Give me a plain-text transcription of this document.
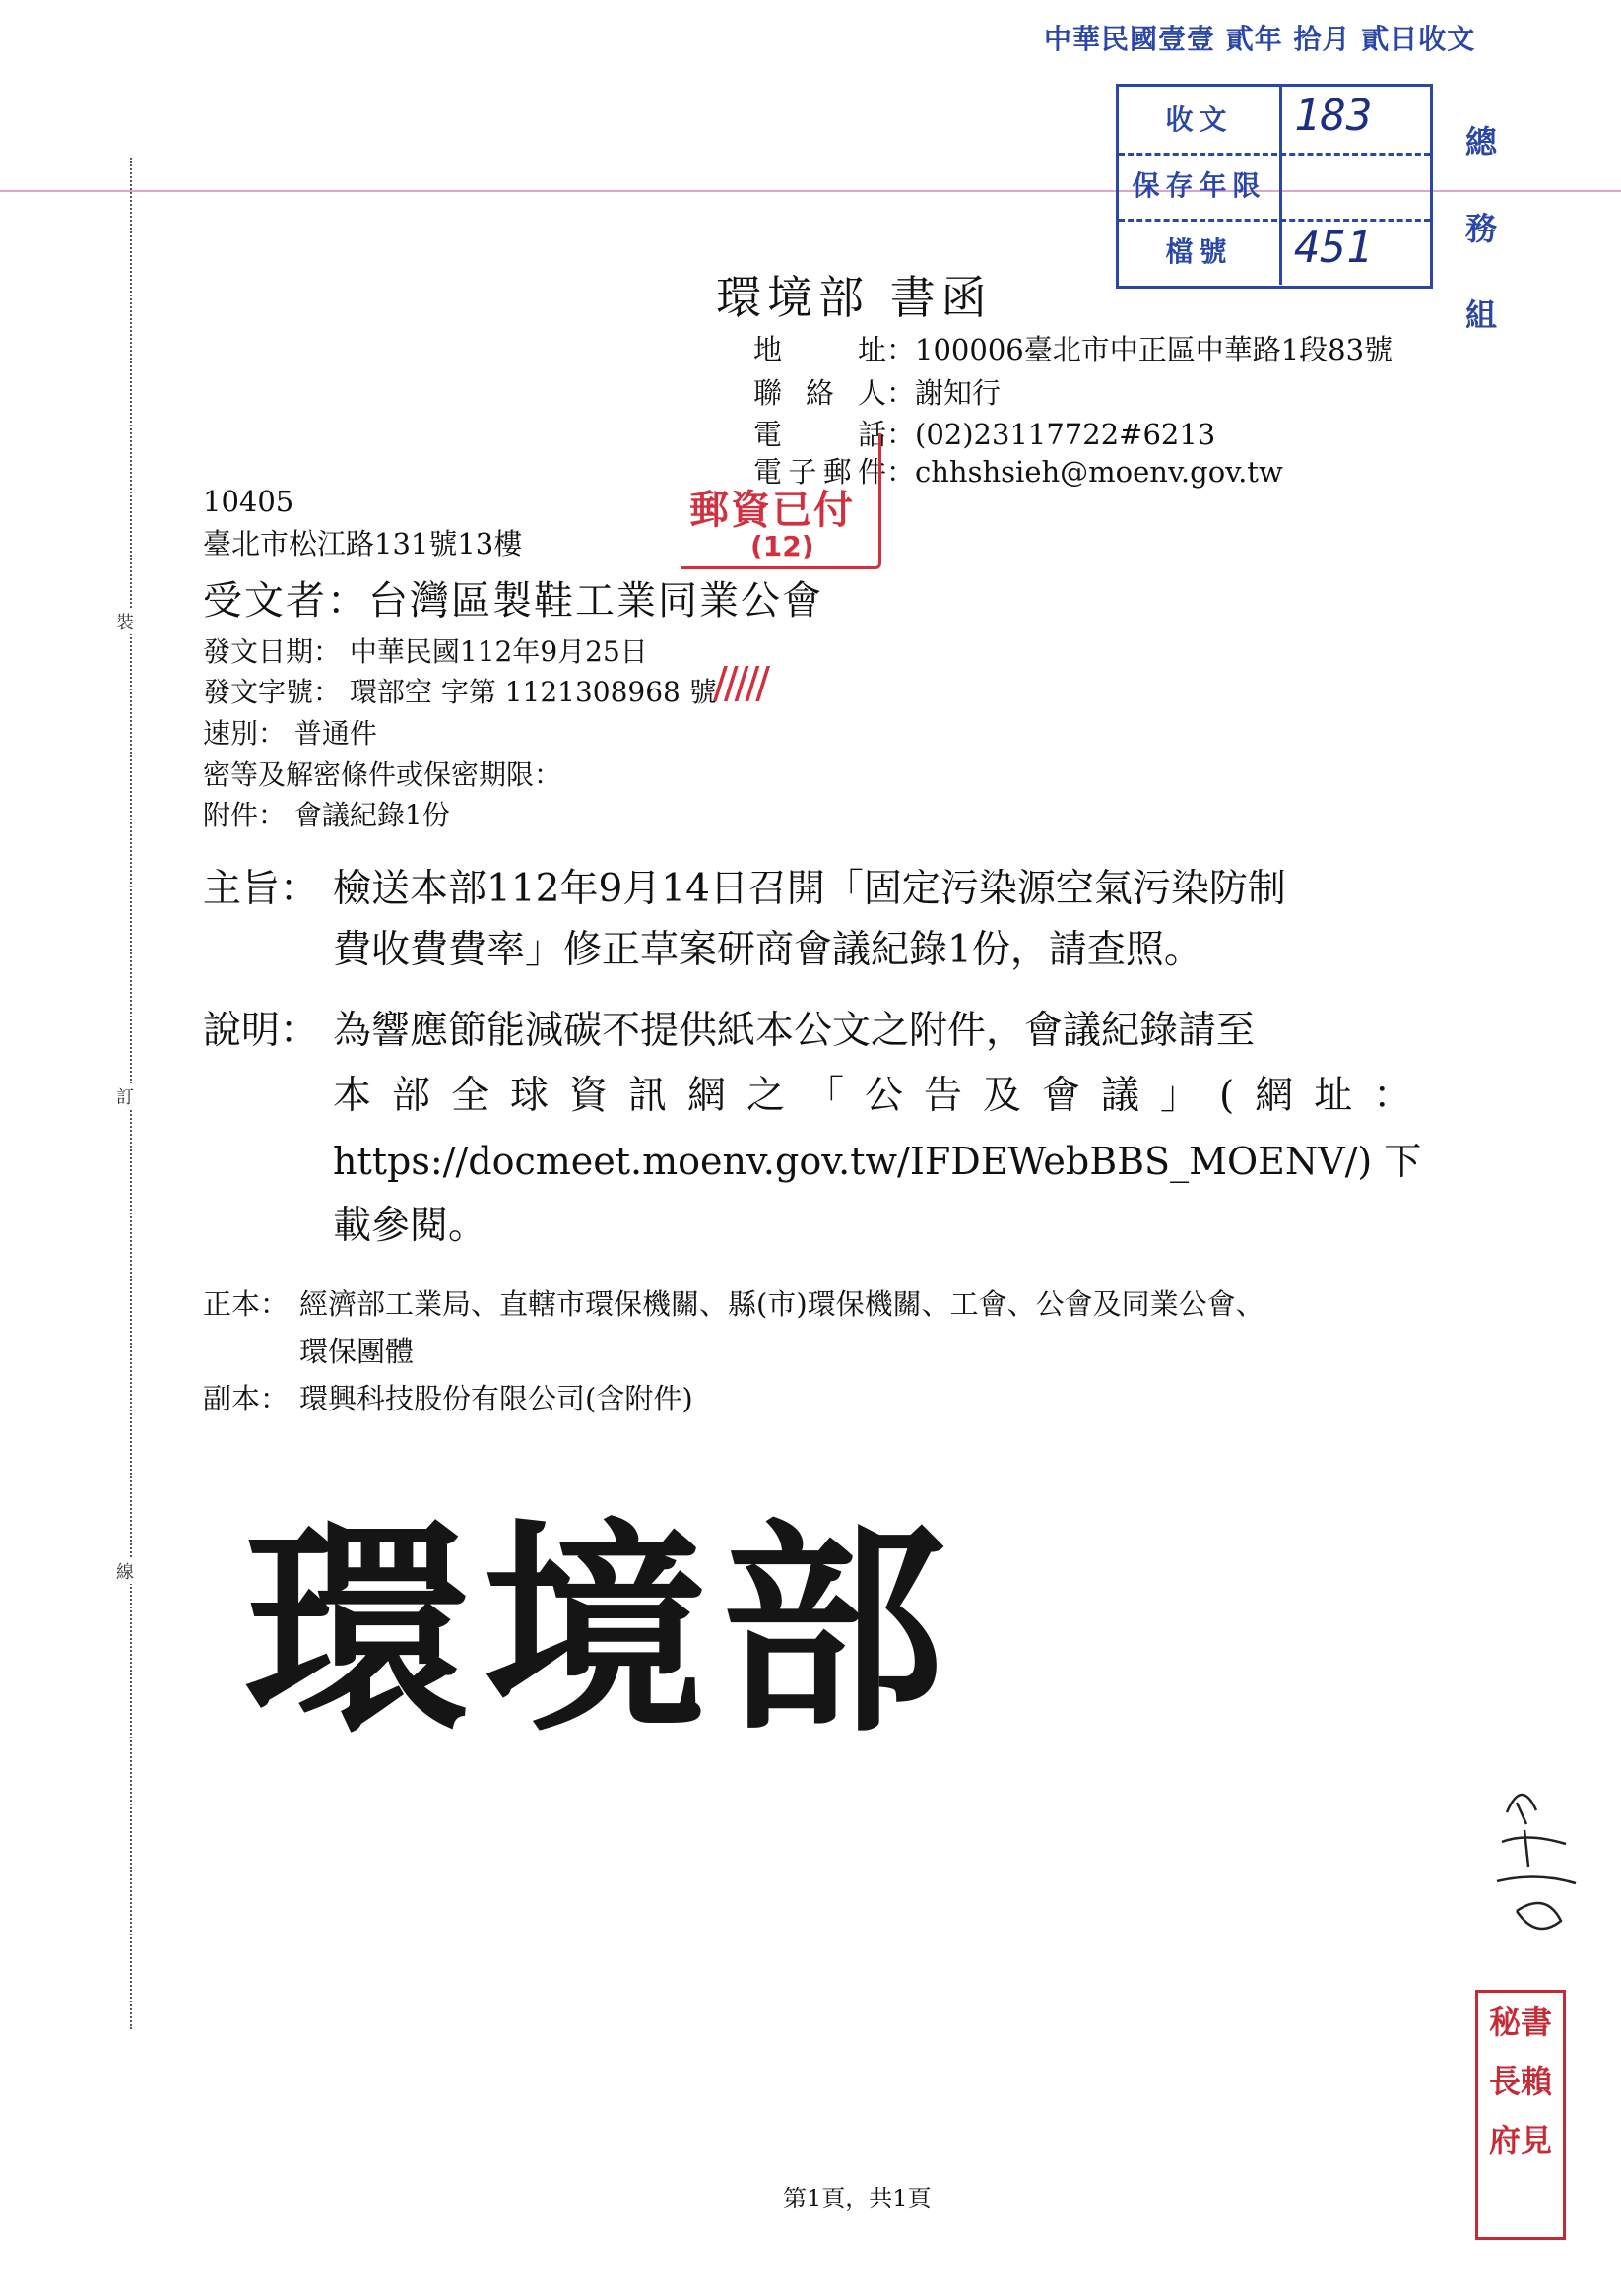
裝
訂
線
中華民國壹壹 貳年 拾月 貳日收文
收文	183
保存年限
檔號	451
總務組
環境部 書函
地址：100006臺北市中正區中華路1段83號
聯絡人：謝知行
電話：(02)23117722#6213
電子郵件：chhshsieh@moenv.gov.tw
郵資已付
(12)
10405
臺北市松江路131號13樓
受文者：台灣區製鞋工業同業公會
發文日期： 中華民國112年9月25日
發文字號： 環部空 字第 1121308968 號
/////
速別： 普通件
密等及解密條件或保密期限：
附件： 會議紀錄1份
主旨： 檢送本部112年9月14日召開「固定污染源空氣污染防制
費收費費率」修正草案研商會議紀錄1份，請查照。
說明： 為響應節能減碳不提供紙本公文之附件，會議紀錄請至
本部全球資訊網之「公告及會議」(網址：
https://docmeet.moenv.gov.tw/IFDEWebBBS_MOENV/) 下
載參閱。
正本： 經濟部工業局、直轄市環保機關、縣(市)環保機關、工會、公會及同業公會、
環保團體
副本： 環興科技股份有限公司(含附件)
環境部
秘書長賴府見
第1頁，共1頁
